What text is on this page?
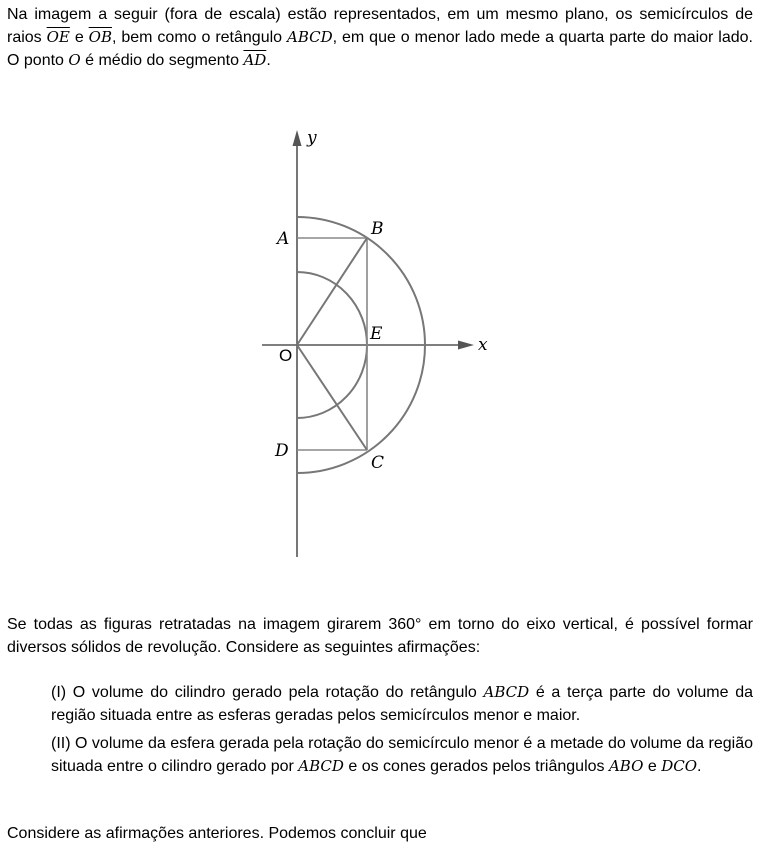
Na imagem a seguir (fora de escala) estão representados, em um mesmo plano, os semicírculos de raios $\overline{OE}$ e $\overline{OB}$, bem como o retângulo ABCD, em que o menor lado mede a quarta parte do maior lado. O ponto O é médio do segmento $\overline{AD}$.

y
x
A	B
E
O
D
C

Se todas as figuras retratadas na imagem girarem 360° em torno do eixo vertical, é possível formar diversos sólidos de revolução. Considere as seguintes afirmações:

(I) O volume do cilindro gerado pela rotação do retângulo ABCD é a terça parte do volume da região situada entre as esferas geradas pelos semicírculos menor e maior.

(II) O volume da esfera gerada pela rotação do semicírculo menor é a metade do volume da região situada entre o cilindro gerado por ABCD e os cones gerados pelos triângulos ABO e DCO.

Considere as afirmações anteriores. Podemos concluir que
